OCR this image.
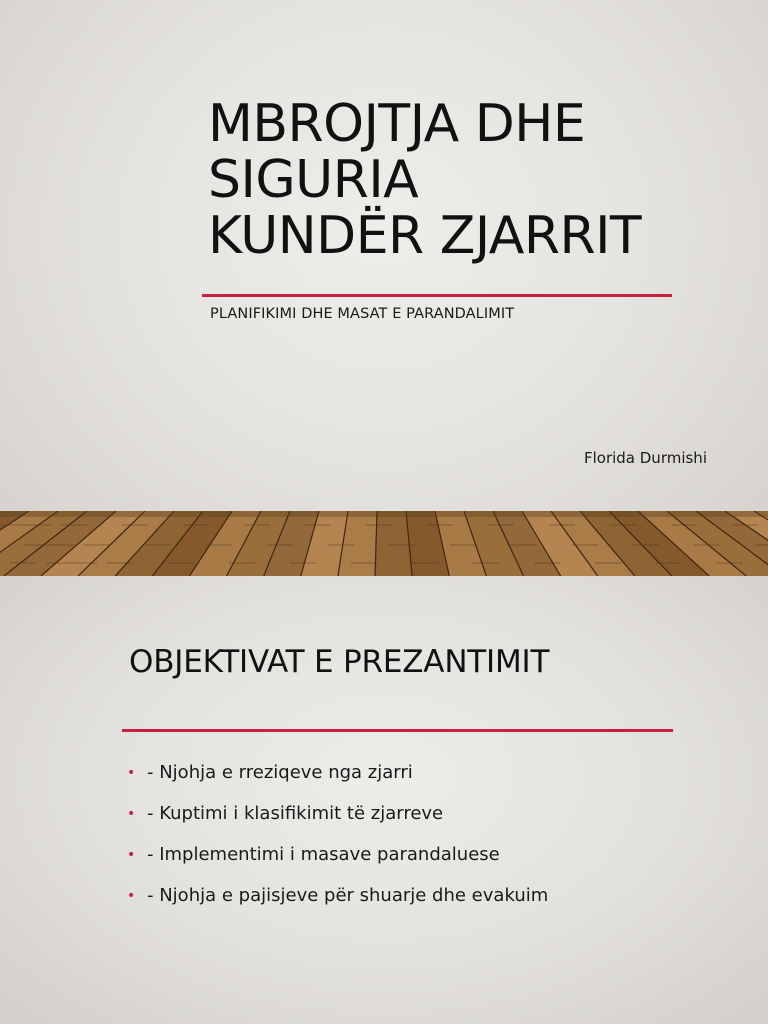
MBROJTJA DHE
SIGURIA
KUNDËR ZJARRIT
PLANIFIKIMI DHE MASAT E PARANDALIMIT
Florida Durmishi
OBJEKTIVAT E PREZANTIMIT
• - Njohja e rreziqeve nga zjarri
• - Kuptimi i klasifikimit të zjarreve
• - Implementimi i masave parandaluese
• - Njohja e pajisjeve për shuarje dhe evakuim
